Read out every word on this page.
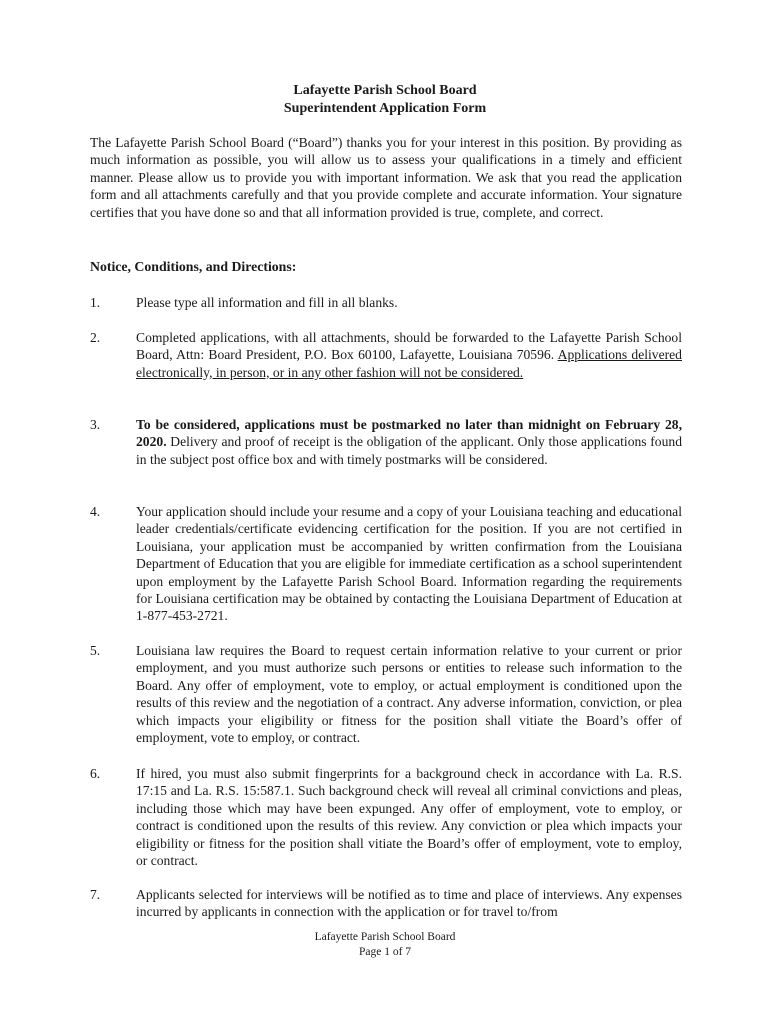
Lafayette Parish School Board
Superintendent Application Form
The Lafayette Parish School Board (“Board”) thanks you for your interest in this position. By providing as much information as possible, you will allow us to assess your qualifications in a timely and efficient manner. Please allow us to provide you with important information. We ask that you read the application form and all attachments carefully and that you provide complete and accurate information. Your signature certifies that you have done so and that all information provided is true, complete, and correct.
Notice, Conditions, and Directions:
1.	Please type all information and fill in all blanks.
2.	Completed applications, with all attachments, should be forwarded to the Lafayette Parish School Board, Attn: Board President, P.O. Box 60100, Lafayette, Louisiana 70596. Applications delivered electronically, in person, or in any other fashion will not be considered.
3.	To be considered, applications must be postmarked no later than midnight on February 28, 2020. Delivery and proof of receipt is the obligation of the applicant. Only those applications found in the subject post office box and with timely postmarks will be considered.
4.	Your application should include your resume and a copy of your Louisiana teaching and educational leader credentials/certificate evidencing certification for the position. If you are not certified in Louisiana, your application must be accompanied by written confirmation from the Louisiana Department of Education that you are eligible for immediate certification as a school superintendent upon employment by the Lafayette Parish School Board. Information regarding the requirements for Louisiana certification may be obtained by contacting the Louisiana Department of Education at 1-877-453-2721.
5.	Louisiana law requires the Board to request certain information relative to your current or prior employment, and you must authorize such persons or entities to release such information to the Board. Any offer of employment, vote to employ, or actual employment is conditioned upon the results of this review and the negotiation of a contract. Any adverse information, conviction, or plea which impacts your eligibility or fitness for the position shall vitiate the Board’s offer of employment, vote to employ, or contract.
6.	If hired, you must also submit fingerprints for a background check in accordance with La. R.S. 17:15 and La. R.S. 15:587.1. Such background check will reveal all criminal convictions and pleas, including those which may have been expunged. Any offer of employment, vote to employ, or contract is conditioned upon the results of this review. Any conviction or plea which impacts your eligibility or fitness for the position shall vitiate the Board’s offer of employment, vote to employ, or contract.
7.	Applicants selected for interviews will be notified as to time and place of interviews. Any expenses incurred by applicants in connection with the application or for travel to/from
Lafayette Parish School Board
Page 1 of 7
